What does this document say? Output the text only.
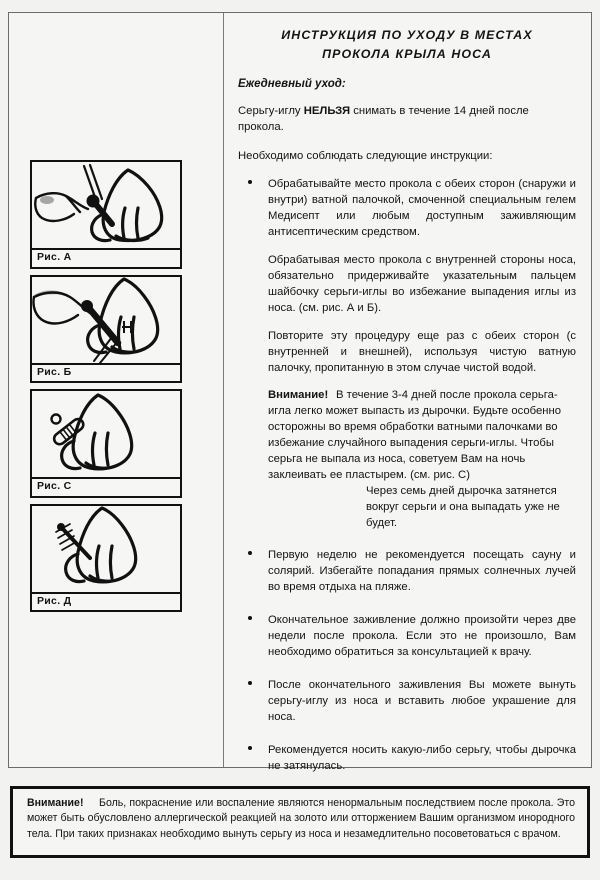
Рис. А
Рис. Б
Рис. С
Рис. Д
ИНСТРУКЦИЯ ПО УХОДУ В МЕСТАХ
ПРОКОЛА КРЫЛА НОСА
Ежедневный уход:

Серьгу-иглу НЕЛЬЗЯ снимать в течение 14 дней после прокола.

Необходимо соблюдать следующие инструкции:

Обрабатывайте место прокола с обеих сторон (снаружи и внутри) ватной палочкой, смоченной специальным гелем Медисепт или любым доступным заживляющим антисептическим средством.

Обрабатывая место прокола с внутренней стороны носа, обязательно придерживайте указательным пальцем шайбочку серьги-иглы во избежание выпадения иглы из носа. (см. рис. А и Б).

Повторите эту процедуру еще раз с обеих сторон (с внутренней и внешней), используя чистую ватную палочку, пропитанную в этом случае чистой водой.

Внимание! В течение 3-4 дней после прокола серьга-игла легко может выпасть из дырочки. Будьте особенно осторожны во время обработки ватными палочками во избежание случайного выпадения серьги-иглы. Чтобы серьга не выпала из носа, советуем Вам на ночь заклеивать ее пластырем. (см. рис. С)
Через семь дней дырочка затянется вокруг серьги и она выпадать уже не будет.

Первую неделю не рекомендуется посещать сауну и солярий. Избегайте попадания прямых солнечных лучей во время отдыха на пляже.

Окончательное заживление должно произойти через две недели после прокола. Если это не произошло, Вам необходимо обратиться за консультацией к врачу.

После окончательного заживления Вы можете вынуть серьгу-иглу из носа и вставить любое украшение для носа.

Рекомендуется носить какую-либо серьгу, чтобы дырочка не затянулась.

Внимание!	Боль, покраснение или воспаление являются ненормальным последствием после прокола. Это может быть обусловлено аллергической реакцией на золото или отторжением Вашим организмом инородного тела. При таких признаках необходимо вынуть серьгу из носа и незамедлительно посоветоваться с врачом.
